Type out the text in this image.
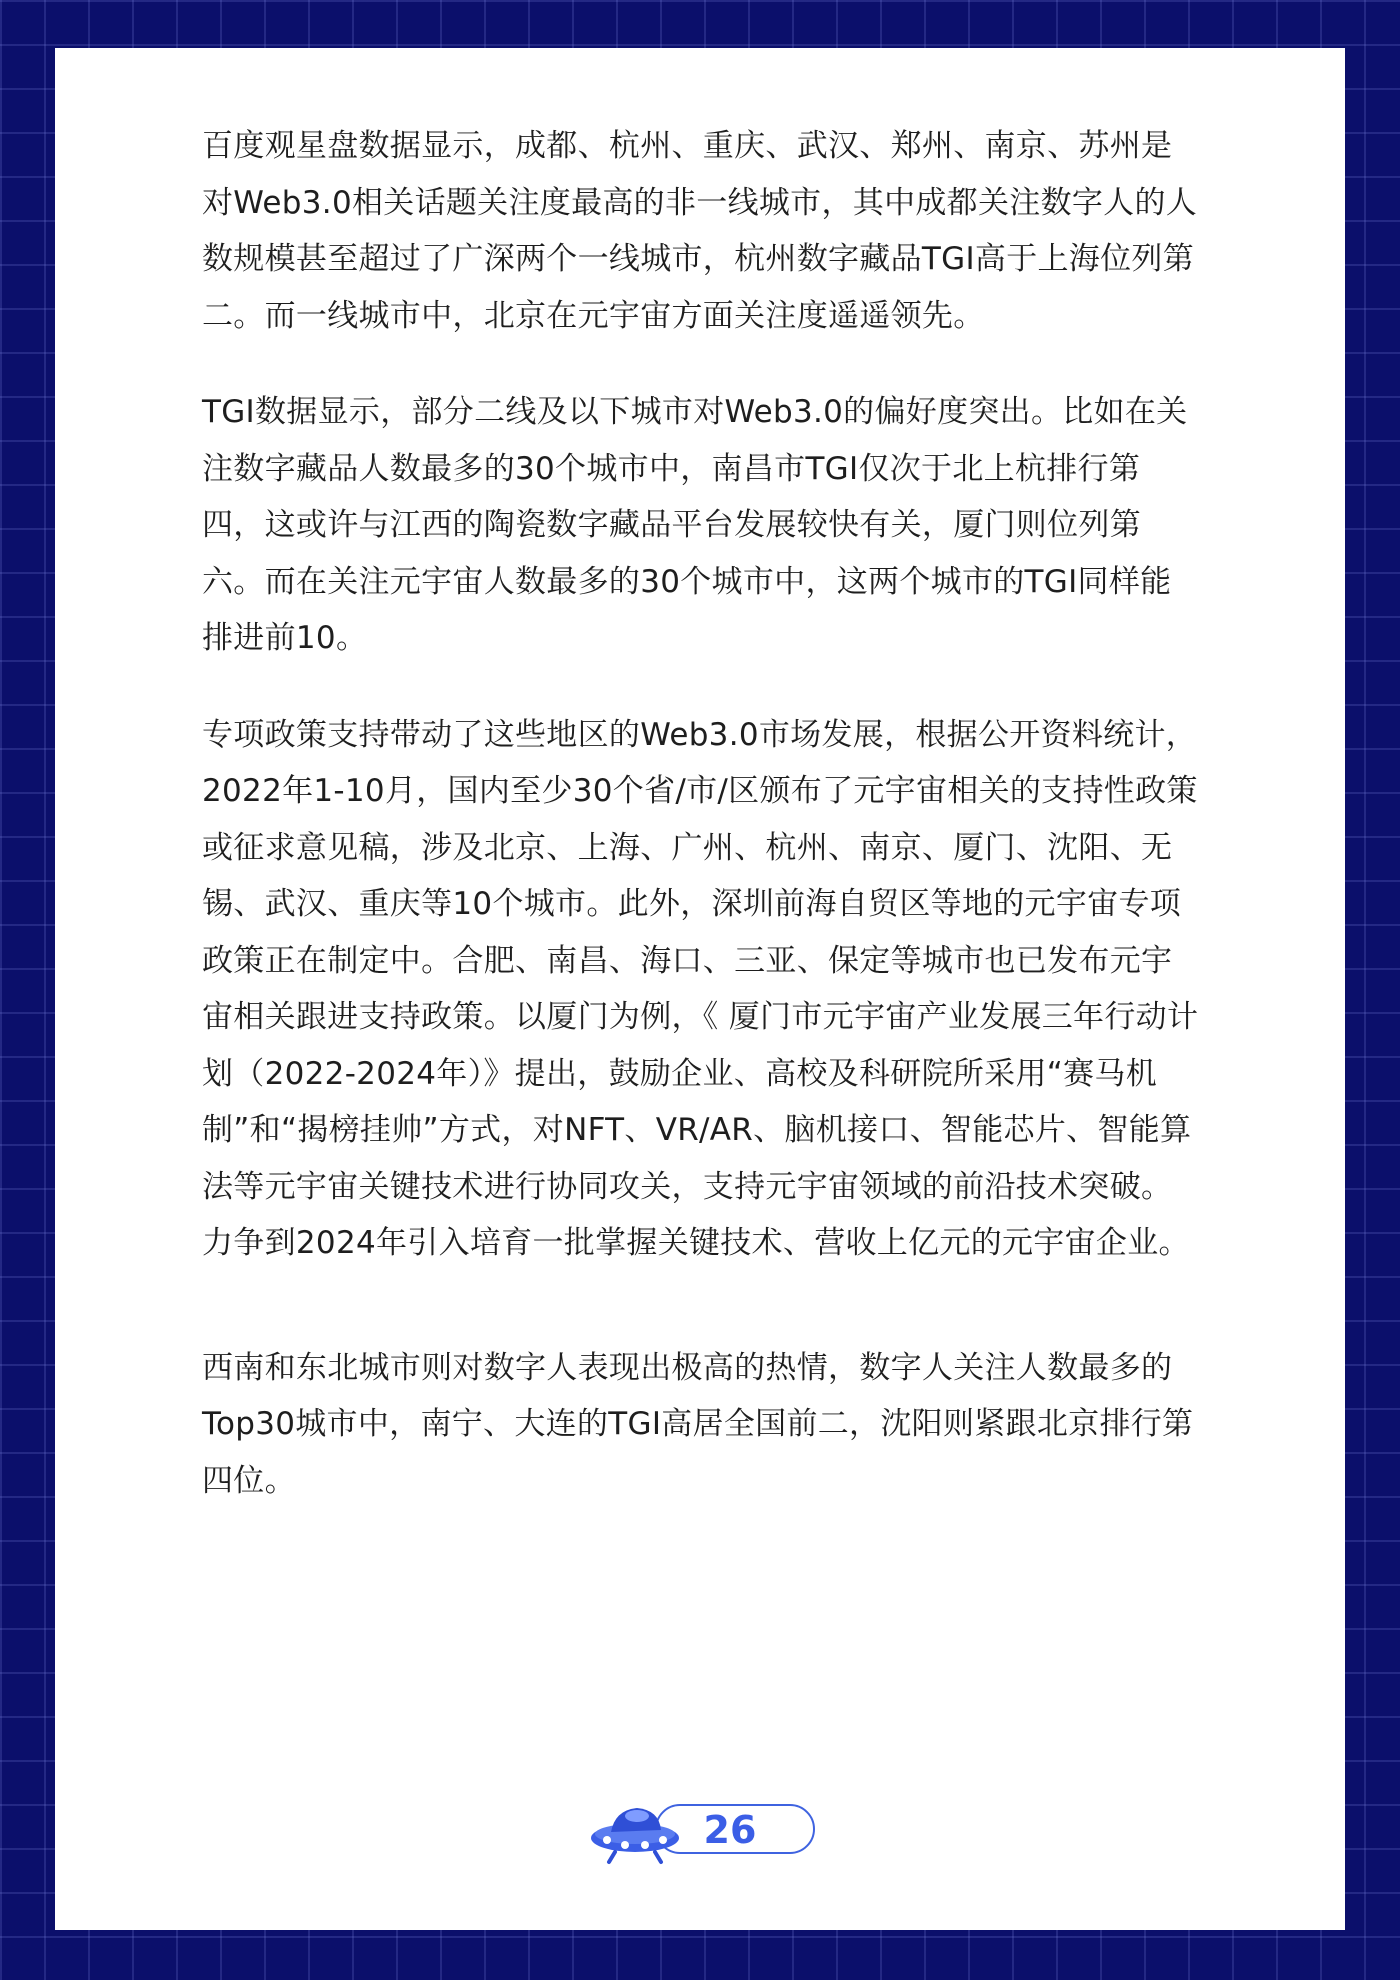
百度观星盘数据显示，成都、杭州、重庆、武汉、郑州、南京、苏州是对Web3.0相关话题关注度最高的非一线城市，其中成都关注数字人的人数规模甚至超过了广深两个一线城市，杭州数字藏品TGI高于上海位列第二。而一线城市中，北京在元宇宙方面关注度遥遥领先。

TGI数据显示，部分二线及以下城市对Web3.0的偏好度突出。比如在关注数字藏品人数最多的30个城市中，南昌市TGI仅次于北上杭排行第四，这或许与江西的陶瓷数字藏品平台发展较快有关，厦门则位列第六。而在关注元宇宙人数最多的30个城市中，这两个城市的TGI同样能排进前10。

专项政策支持带动了这些地区的Web3.0市场发展，根据公开资料统计，2022年1-10月，国内至少30个省/市/区颁布了元宇宙相关的支持性政策或征求意见稿，涉及北京、上海、广州、杭州、南京、厦门、沈阳、无锡、武汉、重庆等10个城市。此外，深圳前海自贸区等地的元宇宙专项政策正在制定中。合肥、南昌、海口、三亚、保定等城市也已发布元宇宙相关跟进支持政策。以厦门为例，《 厦门市元宇宙产业发展三年行动计划（2022-2024年）》提出，鼓励企业、高校及科研院所采用“赛马机制”和“揭榜挂帅”方式，对NFT、VR/AR、脑机接口、智能芯片、智能算法等元宇宙关键技术进行协同攻关，支持元宇宙领域的前沿技术突破。力争到2024年引入培育一批掌握关键技术、营收上亿元的元宇宙企业。

西南和东北城市则对数字人表现出极高的热情，数字人关注人数最多的Top30城市中，南宁、大连的TGI高居全国前二，沈阳则紧跟北京排行第四位。

26
